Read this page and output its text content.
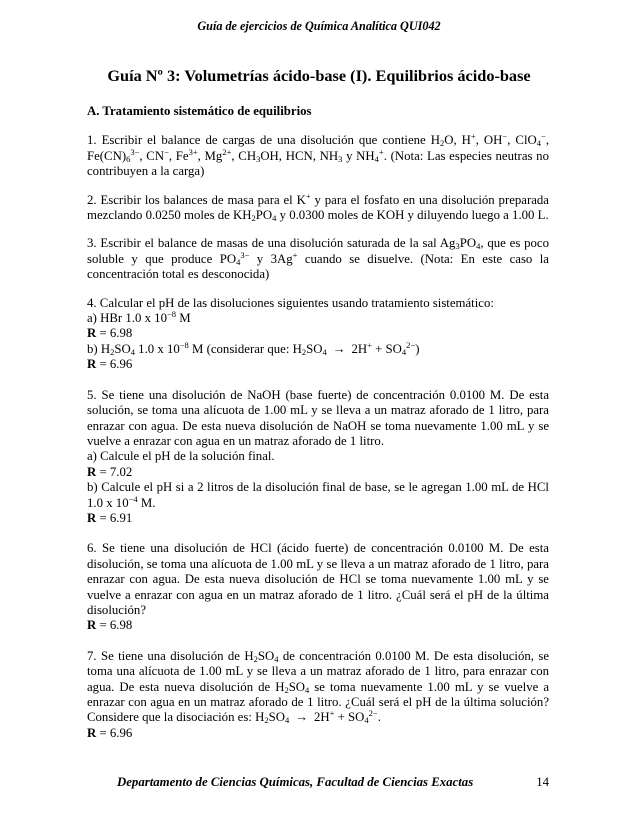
Guía de ejercicios de Química Analítica QUI042
Guía Nº 3: Volumetrías ácido-base (I). Equilibrios ácido-base

A. Tratamiento sistemático de equilibrios

1. Escribir el balance de cargas de una disolución que contiene $H_2O$, H+, OH−, ClO$_4$−, $Fe(CN)_6^{3-}$, CN−, $Fe^{3+}$, $Mg^{2+}$, $CH_3OH$, HCN, $NH_3$ y $NH_4^+$. (Nota: Las especies neutras no contribuyen a la carga)

2. Escribir los balances de masa para el K+ y para el fosfato en una disolución preparada mezclando 0.0250 moles de $KH_2PO_4$ y 0.0300 moles de KOH y diluyendo luego a 1.00 L.

3. Escribir el balance de masas de una disolución saturada de la sal $Ag_3PO_4$, que es poco soluble y que produce $PO_4^{3-}$ y 3Ag+ cuando se disuelve. (Nota: En este caso la concentración total es desconocida)

4. Calcular el pH de las disoluciones siguientes usando tratamiento sistemático:

a) HBr 1.0 x $10^{-8}$ M

R = 6.98

b) $H_2SO_4$ 1.0 x $10^{-8}$ M (considerar que: $H_2SO_4 \to 2H^+ + SO_4^{2-}$)

R = 6.96

5. Se tiene una disolución de NaOH (base fuerte) de concentración 0.0100 M. De esta solución, se toma una alícuota de 1.00 mL y se lleva a un matraz aforado de 1 litro, para enrazar con agua. De esta nueva disolución de NaOH se toma nuevamente 1.00 mL y se vuelve a enrazar con agua en un matraz aforado de 1 litro.

a) Calcule el pH de la solución final.

R = 7.02

b) Calcule el pH si a 2 litros de la disolución final de base, se le agregan 1.00 mL de HCl 1.0 x $10^{-4}$ M.

R = 6.91

6. Se tiene una disolución de HCl (ácido fuerte) de concentración 0.0100 M. De esta disolución, se toma una alícuota de 1.00 mL y se lleva a un matraz aforado de 1 litro, para enrazar con agua. De esta nueva disolución de HCl se toma nuevamente 1.00 mL y se vuelve a enrazar con agua en un matraz aforado de 1 litro. ¿Cuál será el pH de la última disolución?

R = 6.98

7. Se tiene una disolución de $H_2SO_4$ de concentración 0.0100 M. De esta disolución, se toma una alícuota de 1.00 mL y se lleva a un matraz aforado de 1 litro, para enrazar con agua. De esta nueva disolución de $H_2SO_4$ se toma nuevamente 1.00 mL y se vuelve a enrazar con agua en un matraz aforado de 1 litro. ¿Cuál será el pH de la última solución? Considere que la disociación es: $H_2SO_4 \to 2H^+ + SO_4^{2-}$.

R = 6.96

Departamento de Ciencias Químicas, Facultad de Ciencias Exactas	14
